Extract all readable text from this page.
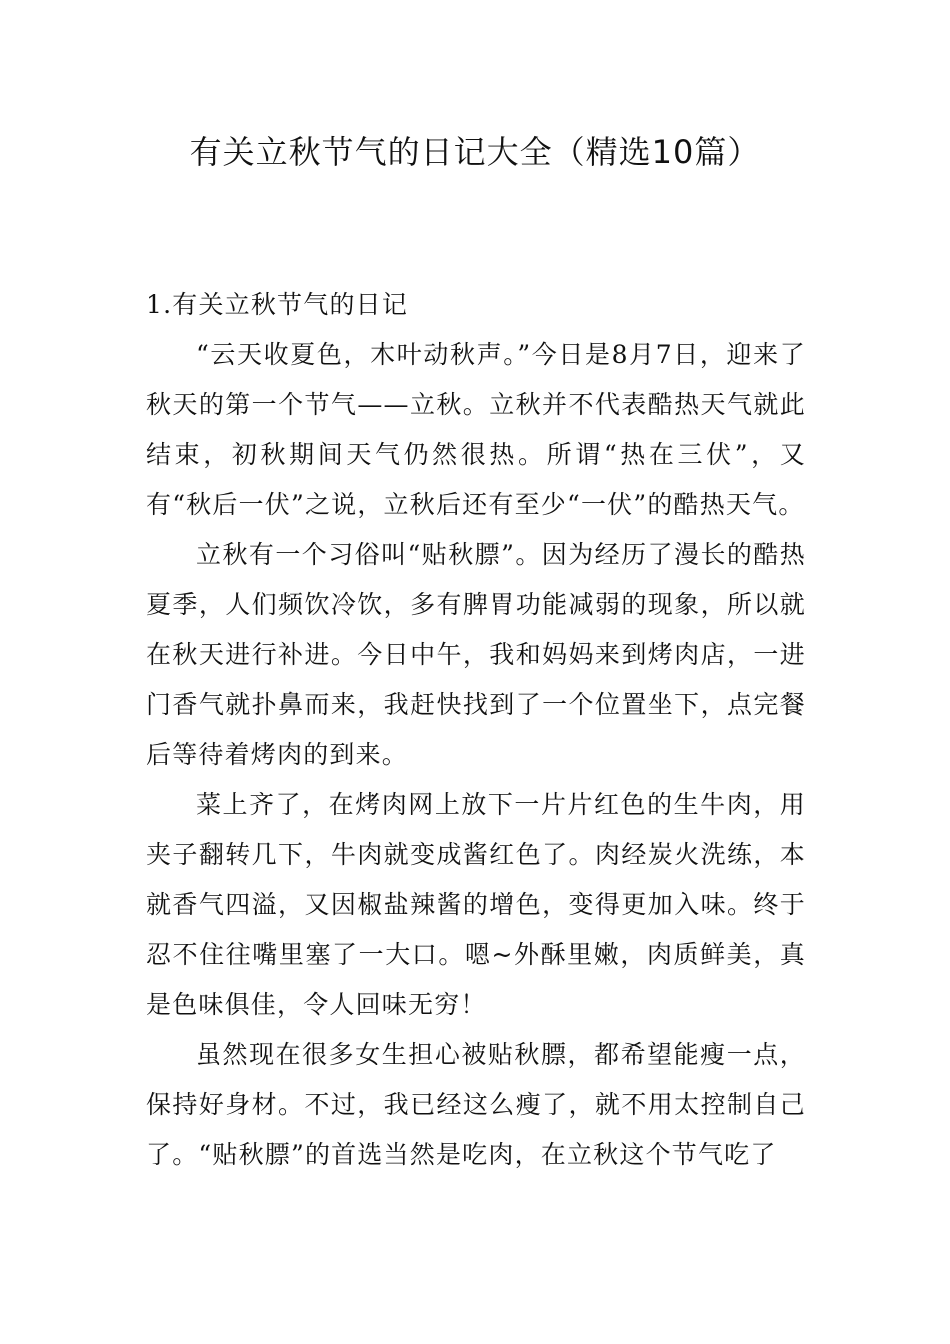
有关立秋节气的日记大全（精选10篇）
1.有关立秋节气的日记

“云天收夏色，木叶动秋声。”今日是8月7日，迎来了秋天的第一个节气——立秋。立秋并不代表酷热天气就此结束，初秋期间天气仍然很热。所谓“热在三伏”，又有“秋后一伏”之说，立秋后还有至少“一伏”的酷热天气。

立秋有一个习俗叫“贴秋膘”。因为经历了漫长的酷热夏季，人们频饮冷饮，多有脾胃功能减弱的现象，所以就在秋天进行补进。今日中午，我和妈妈来到烤肉店，一进门香气就扑鼻而来，我赶快找到了一个位置坐下，点完餐后等待着烤肉的到来。

菜上齐了，在烤肉网上放下一片片红色的生牛肉，用夹子翻转几下，牛肉就变成酱红色了。肉经炭火洗练，本就香气四溢，又因椒盐辣酱的增色，变得更加入味。终于忍不住往嘴里塞了一大口。嗯~外酥里嫩，肉质鲜美，真是色味俱佳，令人回味无穷！

虽然现在很多女生担心被贴秋膘，都希望能瘦一点，保持好身材。不过，我已经这么瘦了，就不用太控制自己了。“贴秋膘”的首选当然是吃肉，在立秋这个节气吃了
